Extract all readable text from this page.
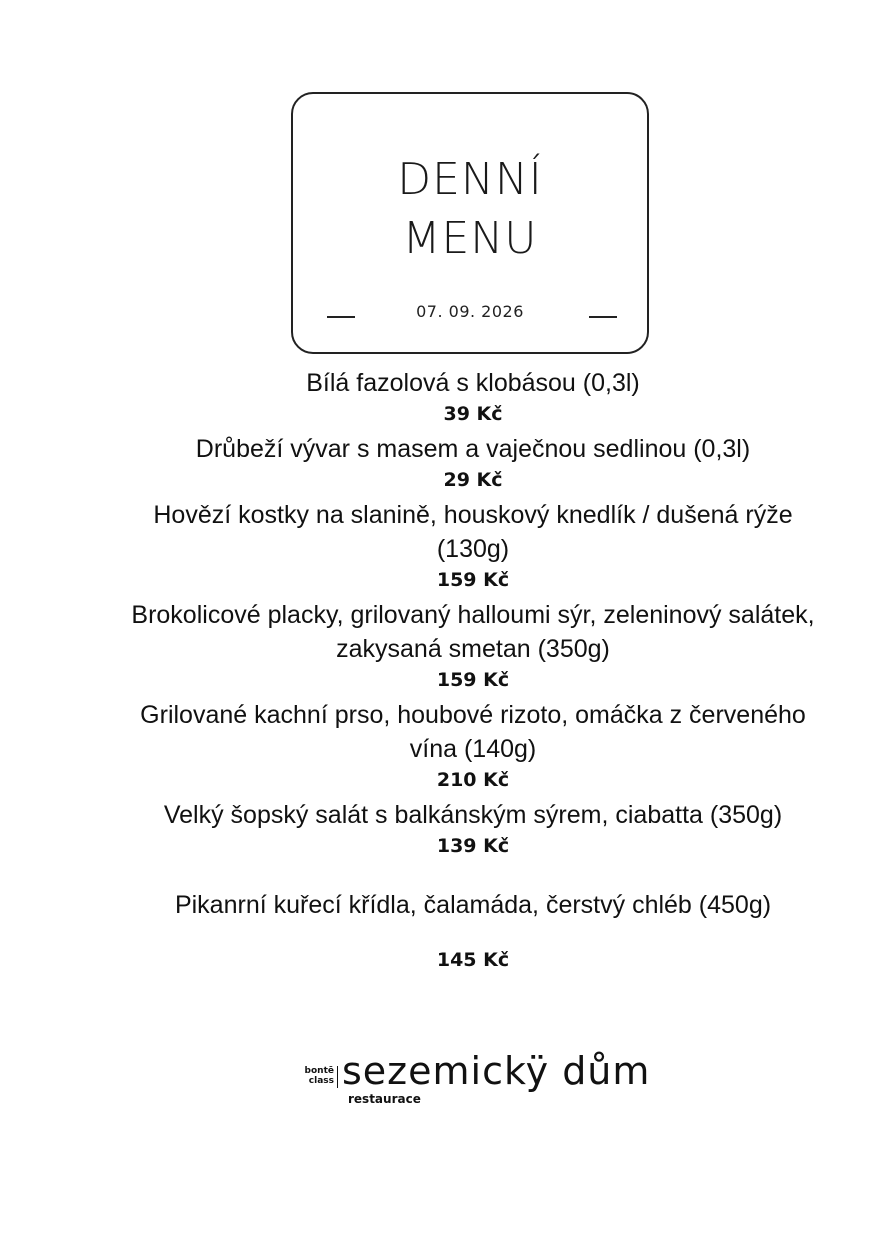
DENNÍ
MENU
07. 09. 2026
Bílá fazolová s klobásou (0,3l)
39 Kč
Drůbeží vývar s masem a vaječnou sedlinou (0,3l)
29 Kč
Hovězí kostky na slanině, houskový knedlík / dušená rýže (130g)
159 Kč
Brokolicové placky, grilovaný halloumi sýr, zeleninový salátek, zakysaná smetan (350g)
159 Kč
Grilované kachní prso, houbové rizoto, omáčka z červeného vína (140g)
210 Kč
Velký šopský salát s balkánským sýrem, ciabatta (350g)
139 Kč
Pikanrní kuřecí křídla, čalamáda, čerstvý chléb (450g)
145 Kč
bontē
class sezemickÿ dům
restaurace
